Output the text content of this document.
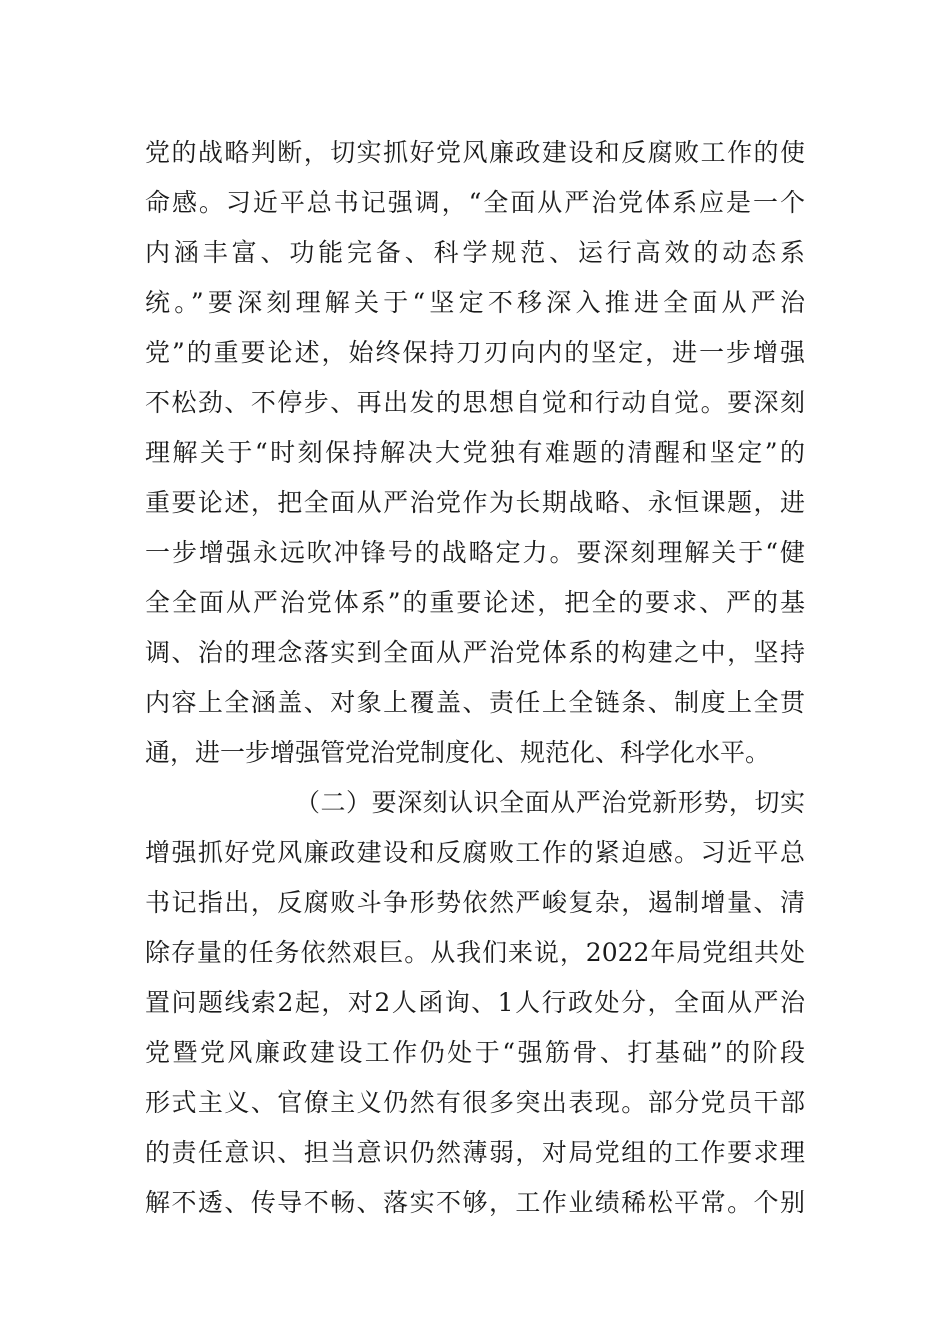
党的战略判断，切实抓好党风廉政建设和反腐败工作的使
命感。习近平总书记强调，“全面从严治党体系应是一个
内涵丰富、功能完备、科学规范、运行高效的动态系
统。”要深刻理解关于“坚定不移深入推进全面从严治
党”的重要论述，始终保持刀刃向内的坚定，进一步增强
不松劲、不停步、再出发的思想自觉和行动自觉。要深刻
理解关于“时刻保持解决大党独有难题的清醒和坚定”的
重要论述，把全面从严治党作为长期战略、永恒课题，进
一步增强永远吹冲锋号的战略定力。要深刻理解关于“健
全全面从严治党体系”的重要论述，把全的要求、严的基
调、治的理念落实到全面从严治党体系的构建之中，坚持
内容上全涵盖、对象上覆盖、责任上全链条、制度上全贯
通，进一步增强管党治党制度化、规范化、科学化水平。
（二）要深刻认识全面从严治党新形势，切实
增强抓好党风廉政建设和反腐败工作的紧迫感。习近平总
书记指出，反腐败斗争形势依然严峻复杂，遏制增量、清
除存量的任务依然艰巨。从我们来说，2022年局党组共处
置问题线索2起，对2人函询、1人行政处分，全面从严治
党暨党风廉政建设工作仍处于“强筋骨、打基础”的阶段
形式主义、官僚主义仍然有很多突出表现。部分党员干部
的责任意识、担当意识仍然薄弱，对局党组的工作要求理
解不透、传导不畅、落实不够，工作业绩稀松平常。个别
